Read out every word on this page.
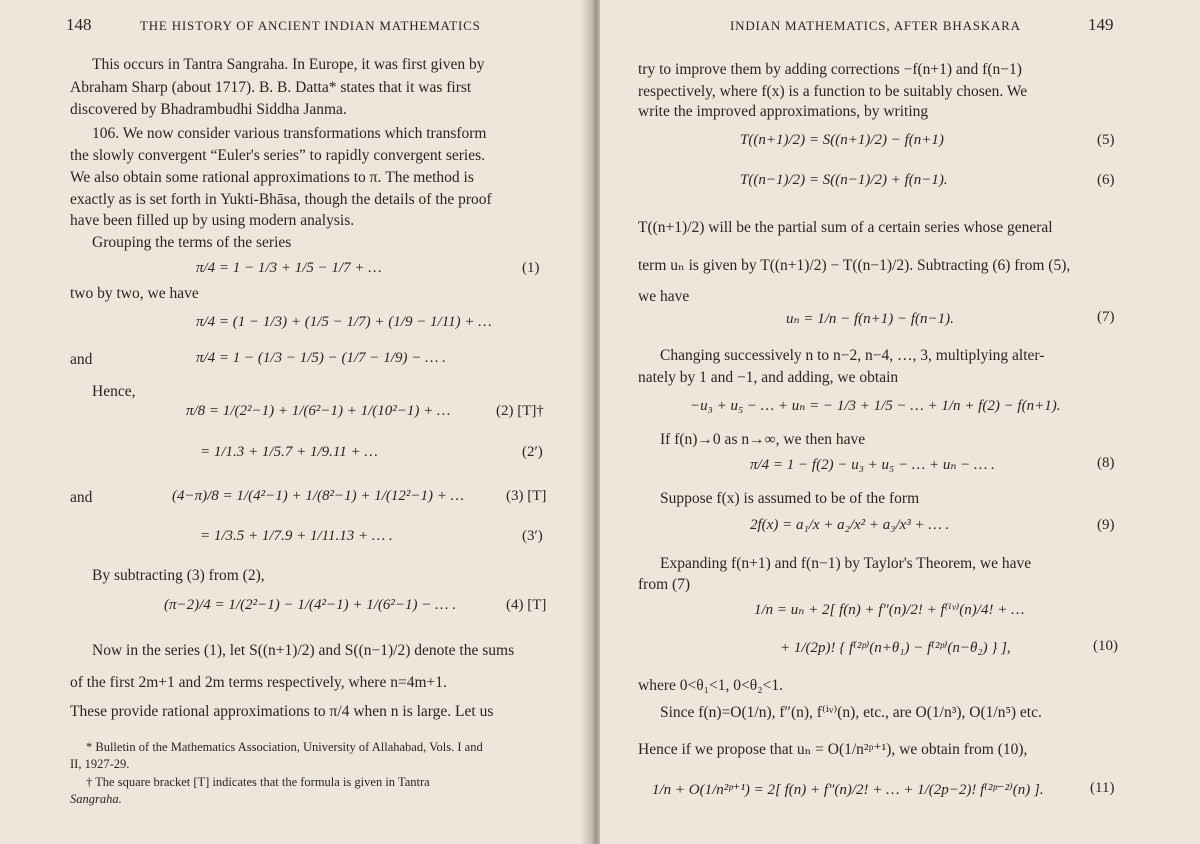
148	THE HISTORY OF ANCIENT INDIAN MATHEMATICS
This occurs in Tantra Sangraha. In Europe, it was first given by
Abraham Sharp (about 1717). B. B. Datta* states that it was first
discovered by Bhadrambudhi Siddha Janma.
106. We now consider various transformations which transform
the slowly convergent “Euler's series” to rapidly convergent series.
We also obtain some rational approximations to π. The method is
exactly as is set forth in Yukti-Bhāsa, though the details of the proof
have been filled up by using modern analysis.
Grouping the terms of the series
π/4 = 1 − 1/3 + 1/5 − 1/7 + …	(1)
two by two, we have
π/4 = (1 − 1/3) + (1/5 − 1/7) + (1/9 − 1/11) + …
and	π/4 = 1 − (1/3 − 1/5) − (1/7 − 1/9) − … .
Hence,
π/8 = 1/(2²−1) + 1/(6²−1) + 1/(10²−1) + …	(2) [T]†
= 1/1.3 + 1/5.7 + 1/9.11 + …	(2′)
and	(4−π)/8 = 1/(4²−1) + 1/(8²−1) + 1/(12²−1) + …	(3) [T]
= 1/3.5 + 1/7.9 + 1/11.13 + … .	(3′)
By subtracting (3) from (2),
(π−2)/4 = 1/(2²−1) − 1/(4²−1) + 1/(6²−1) − … .	(4) [T]
Now in the series (1), let S((n+1)/2) and S((n−1)/2) denote the sums
of the first 2m+1 and 2m terms respectively, where n=4m+1.
These provide rational approximations to π/4 when n is large. Let us
* Bulletin of the Mathematics Association, University of Allahabad, Vols. I and
II, 1927-29.
† The square bracket [T] indicates that the formula is given in Tantra
Sangraha.
INDIAN MATHEMATICS, AFTER BHASKARA	149
try to improve them by adding corrections −f(n+1) and f(n−1)
respectively, where f(x) is a function to be suitably chosen. We
write the improved approximations, by writing
T((n+1)/2) = S((n+1)/2) − f(n+1)	(5)
T((n−1)/2) = S((n−1)/2) + f(n−1).	(6)
T((n+1)/2) will be the partial sum of a certain series whose general
term uₙ is given by T((n+1)/2) − T((n−1)/2). Subtracting (6) from (5),
we have
uₙ = 1/n − f(n+1) − f(n−1).	(7)
Changing successively n to n−2, n−4, …, 3, multiplying alter-
nately by 1 and −1, and adding, we obtain
−u₃ + u₅ − … + uₙ = − 1/3 + 1/5 − … + 1/n + f(2) − f(n+1).
If f(n)→0 as n→∞, we then have
π/4 = 1 − f(2) − u₃ + u₅ − … + uₙ − … .	(8)
Suppose f(x) is assumed to be of the form
2f(x) = a₁/x + a₂/x² + a₃/x³ + … .	(9)
Expanding f(n+1) and f(n−1) by Taylor's Theorem, we have
from (7)
1/n = uₙ + 2[ f(n) + f″(n)/2! + f⁽ⁱᵛ⁾(n)/4! + …
+ 1/(2p)! { f⁽²ᵖ⁾(n+θ₁) − f⁽²ᵖ⁾(n−θ₂) } ],	(10)
where 0<θ₁<1, 0<θ₂<1.
Since f(n)=O(1/n), f″(n), f⁽ⁱᵛ⁾(n), etc., are O(1/n³), O(1/n⁵) etc.
Hence if we propose that uₙ = O(1/n²ᵖ⁺¹), we obtain from (10),
1/n + O(1/n²ᵖ⁺¹) = 2[ f(n) + f″(n)/2! + … + 1/(2p−2)! f⁽²ᵖ⁻²⁾(n) ].	(11)
